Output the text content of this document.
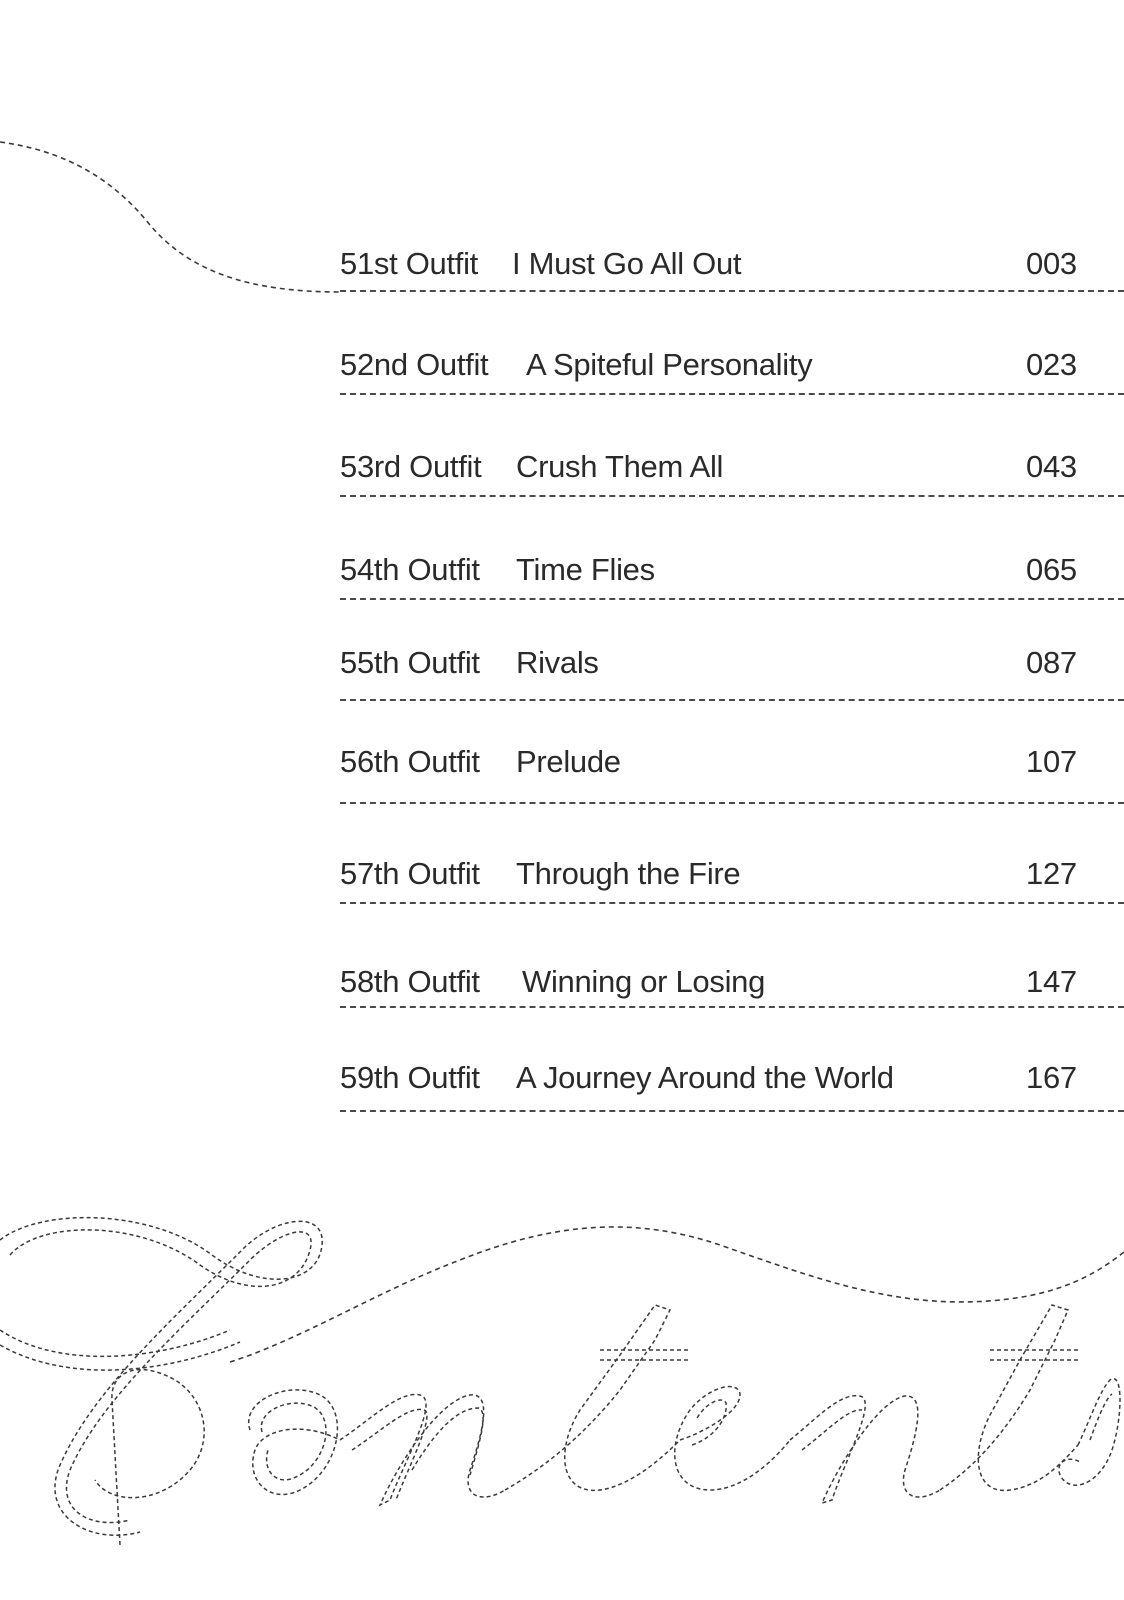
51st Outfit I Must Go All Out	003
52nd Outfit A Spiteful Personality	023
53rd Outfit Crush Them All	043
54th Outfit Time Flies	065
55th Outfit Rivals	087
56th Outfit Prelude	107
57th Outfit Through the Fire	127
58th Outfit Winning or Losing	147
59th Outfit A Journey Around the World	167
